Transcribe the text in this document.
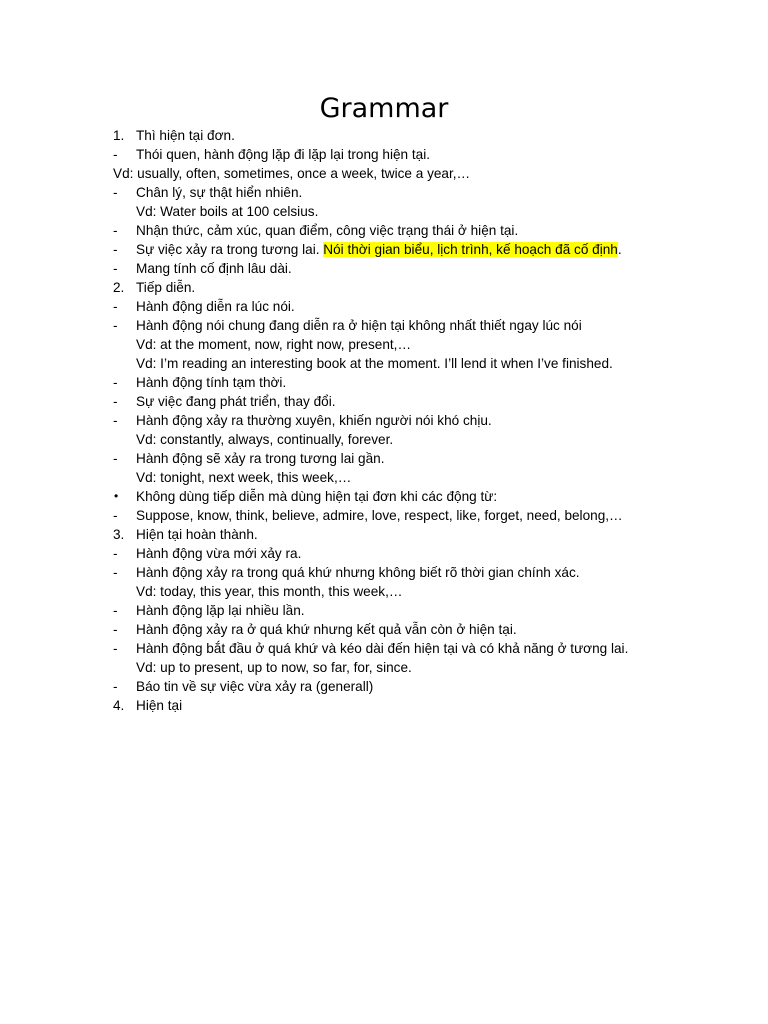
Grammar
1. Thì hiện tại đơn.
- Thói quen, hành động lặp đi lặp lại trong hiện tại.
Vd: usually, often, sometimes, once a week, twice a year,…
- Chân lý, sự thật hiển nhiên.
Vd: Water boils at 100 celsius.
- Nhận thức, cảm xúc, quan điểm, công việc trạng thái ở hiện tại.
- Sự việc xảy ra trong tương lai. Nói thời gian biểu, lịch trình, kế hoạch đã cố định.
- Mang tính cố định lâu dài.
2. Tiếp diễn.
- Hành động diễn ra lúc nói.
- Hành động nói chung đang diễn ra ở hiện tại không nhất thiết ngay lúc nói
Vd: at the moment, now, right now, present,…
Vd: I’m reading an interesting book at the moment. I’ll lend it when I’ve finished.
- Hành động tính tạm thời.
- Sự việc đang phát triển, thay đổi.
- Hành động xảy ra thường xuyên, khiến người nói khó chịu.
Vd: constantly, always, continually, forever.
- Hành động sẽ xảy ra trong tương lai gần.
Vd: tonight, next week, this week,…
• Không dùng tiếp diễn mà dùng hiện tại đơn khi các động từ:
- Suppose, know, think, believe, admire, love, respect, like, forget, need, belong,…
3. Hiện tại hoàn thành.
- Hành động vừa mới xảy ra.
- Hành động xảy ra trong quá khứ nhưng không biết rõ thời gian chính xác.
Vd: today, this year, this month, this week,…
- Hành động lặp lại nhiều lần.
- Hành động xảy ra ở quá khứ nhưng kết quả vẫn còn ở hiện tại.
- Hành động bắt đầu ở quá khứ và kéo dài đến hiện tại và có khả năng ở tương lai.
Vd: up to present, up to now, so far, for, since.
- Báo tin về sự việc vừa xảy ra (generall)
4. Hiện tại
